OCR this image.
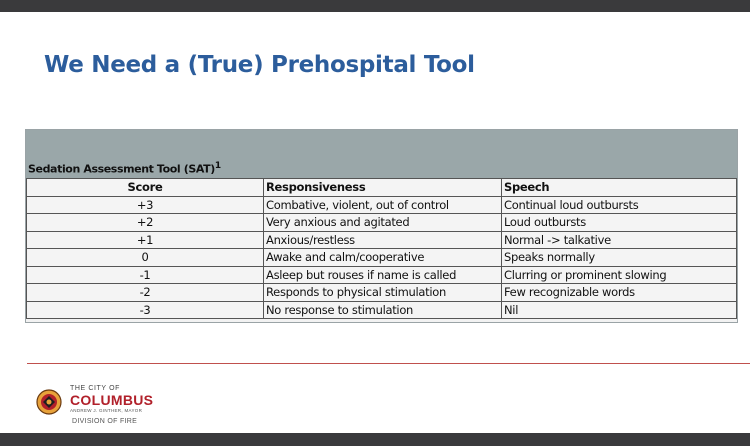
We Need a (True) Prehospital Tool
Sedation Assessment Tool (SAT)$^1$
Score	Responsiveness	Speech
+3	Combative, violent, out of control	Continual loud outbursts
+2	Very anxious and agitated	Loud outbursts
+1	Anxious/restless	Normal -> talkative
0	Awake and calm/cooperative	Speaks normally
-1	Asleep but rouses if name is called	Clurring or prominent slowing
-2	Responds to physical stimulation	Few recognizable words
-3	No response to stimulation	Nil
THE CITY OF
COLUMBUS
ANDREW J. GINTHER, MAYOR
DIVISION OF FIRE
